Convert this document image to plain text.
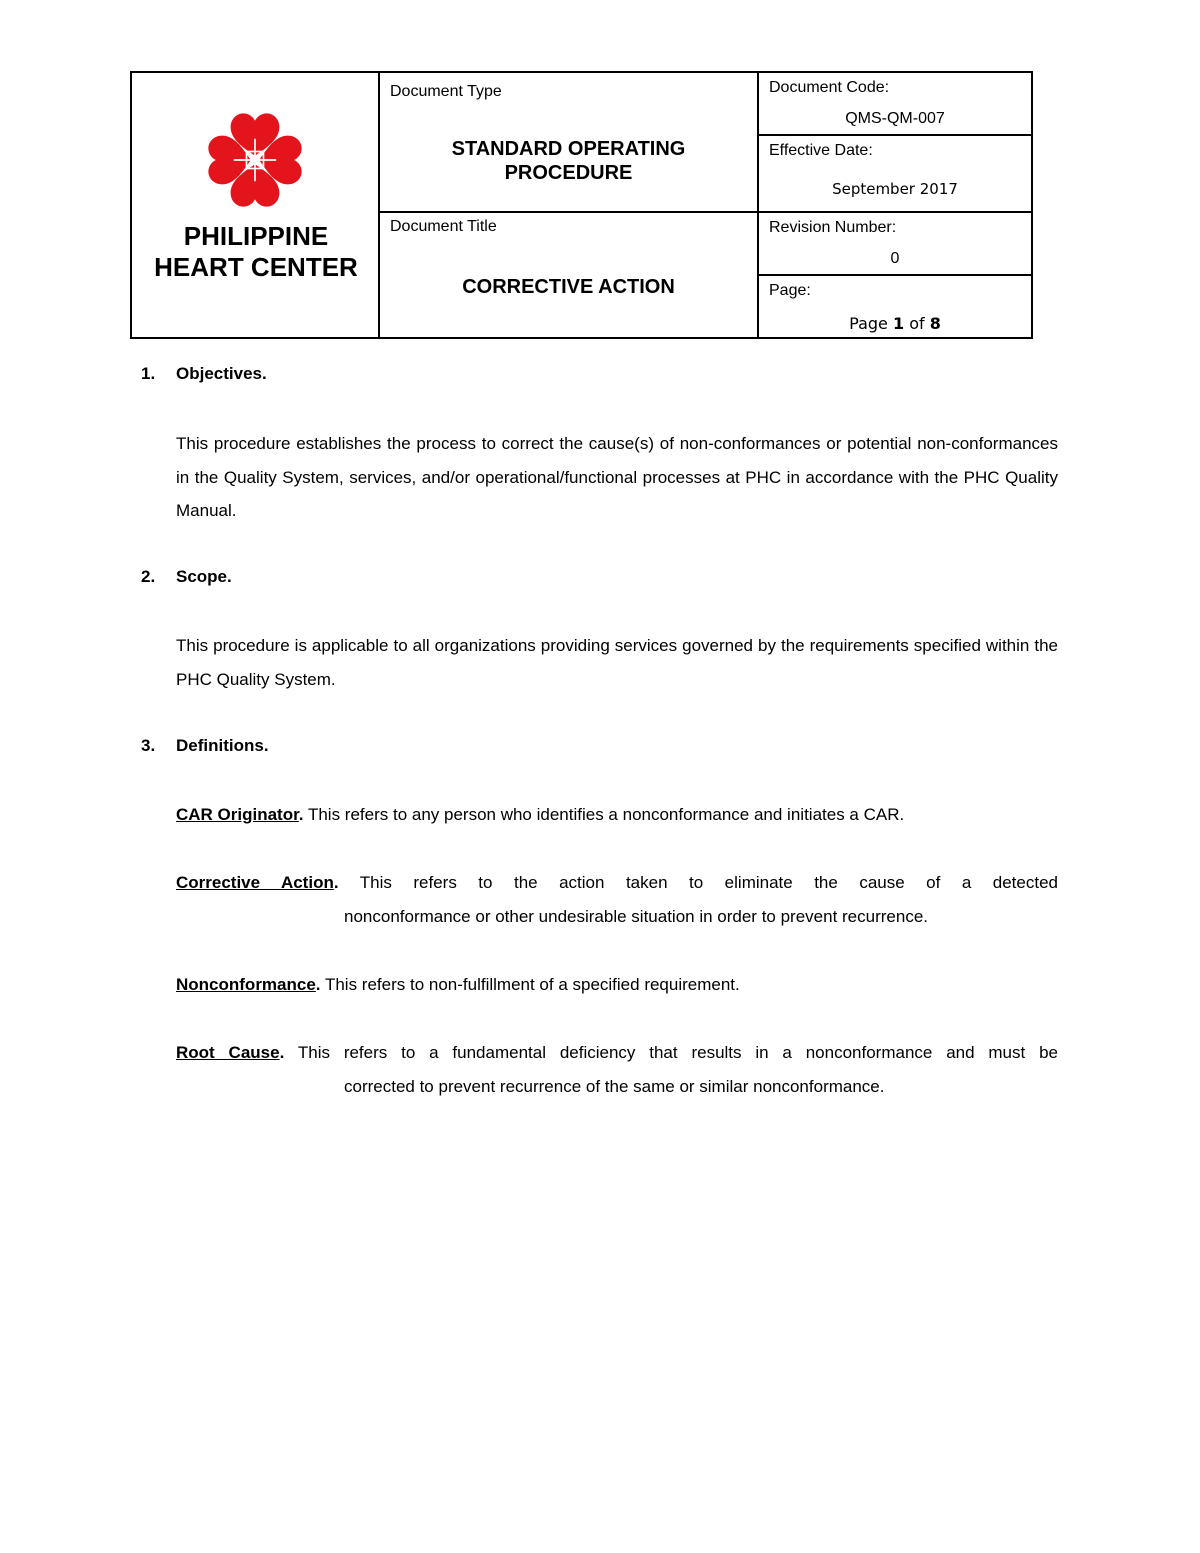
PHILIPPINE
HEART CENTER
Document Type
STANDARD OPERATING
PROCEDURE
Document Title
CORRECTIVE ACTION
Document Code:
QMS-QM-007
Effective Date:
September 2017
Revision Number:
0
Page:
Page 1 of 8
1. Objectives.

This procedure establishes the process to correct the cause(s) of non-conformances or potential non-conformances in the Quality System, services, and/or operational/functional processes at PHC in accordance with the PHC Quality Manual.

2. Scope.

This procedure is applicable to all organizations providing services governed by the requirements specified within the PHC Quality System.

3. Definitions.
CAR Originator. This refers to any person who identifies a nonconformance and initiates a CAR.
Corrective Action. This refers to the action taken to eliminate the cause of a detected
nonconformance or other undesirable situation in order to prevent recurrence.
Nonconformance. This refers to non-fulfillment of a specified requirement.
Root Cause. This refers to a fundamental deficiency that results in a nonconformance and must be
corrected to prevent recurrence of the same or similar nonconformance.
